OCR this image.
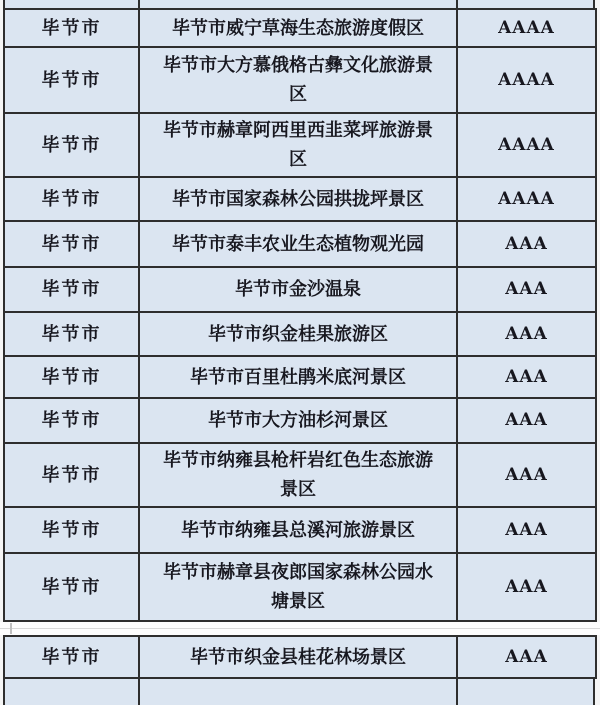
毕节市	毕节市威宁草海生态旅游度假区	AAAA
毕节市	毕节市大方慕俄格古彝文化旅游景区	AAAA
毕节市	毕节市赫章阿西里西韭菜坪旅游景区	AAAA
毕节市	毕节市国家森林公园拱拢坪景区	AAAA
毕节市	毕节市泰丰农业生态植物观光园	AAA
毕节市	毕节市金沙温泉	AAA
毕节市	毕节市织金桂果旅游区	AAA
毕节市	毕节市百里杜鹃米底河景区	AAA
毕节市	毕节市大方油杉河景区	AAA
毕节市	毕节市纳雍县枪杆岩红色生态旅游景区	AAA
毕节市	毕节市纳雍县总溪河旅游景区	AAA
毕节市	毕节市赫章县夜郎国家森林公园水塘景区	AAA
毕节市	毕节市织金县桂花林场景区	AAA
